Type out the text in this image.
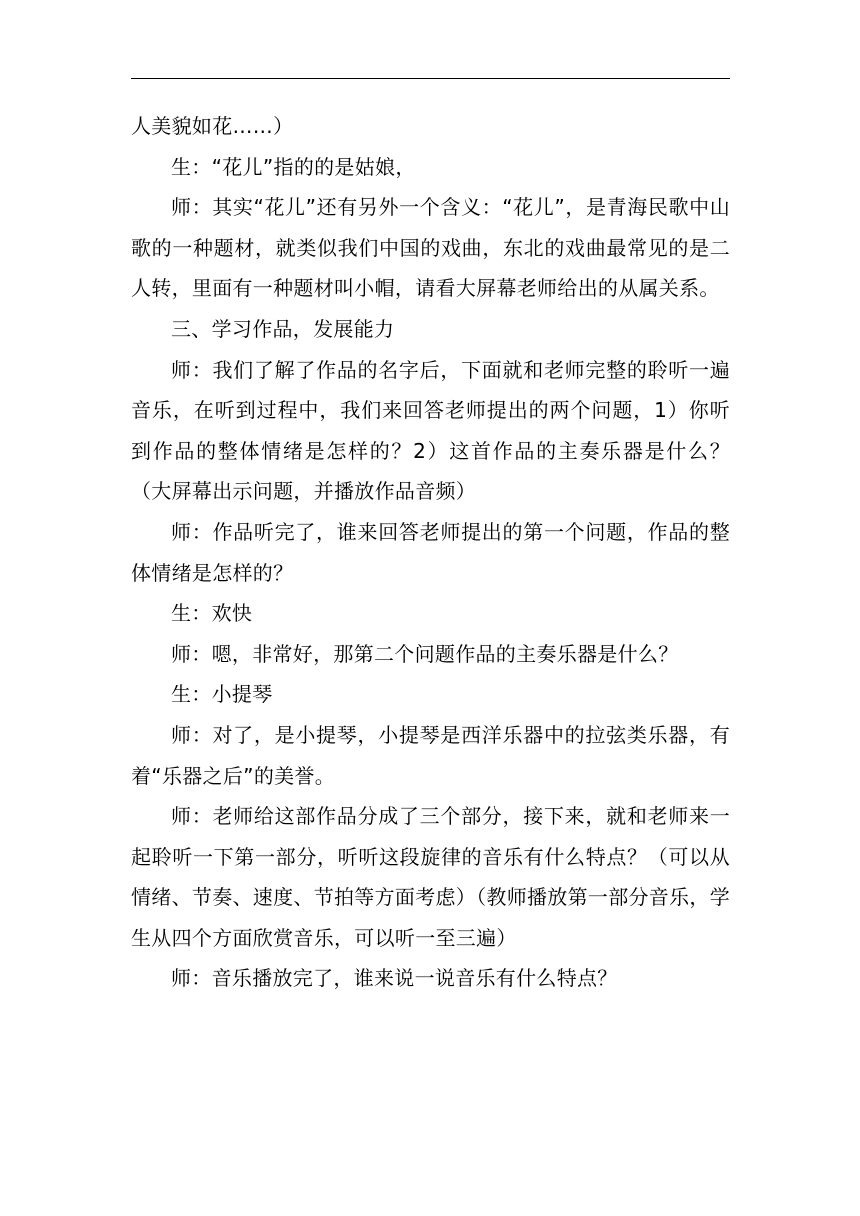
人美貌如花……）

生：“花儿”指的的是姑娘，

师：其实“花儿”还有另外一个含义：“花儿”，是青海民歌中山歌的一种题材，就类似我们中国的戏曲，东北的戏曲最常见的是二人转，里面有一种题材叫小帽，请看大屏幕老师给出的从属关系。

三、学习作品，发展能力

师：我们了解了作品的名字后，下面就和老师完整的聆听一遍音乐，在听到过程中，我们来回答老师提出的两个问题，1）你听到作品的整体情绪是怎样的？2）这首作品的主奏乐器是什么？（大屏幕出示问题，并播放作品音频）

师：作品听完了，谁来回答老师提出的第一个问题，作品的整体情绪是怎样的？

生：欢快

师：嗯，非常好，那第二个问题作品的主奏乐器是什么？

生：小提琴

师：对了，是小提琴，小提琴是西洋乐器中的拉弦类乐器，有着“乐器之后”的美誉。

师：老师给这部作品分成了三个部分，接下来，就和老师来一起聆听一下第一部分，听听这段旋律的音乐有什么特点？（可以从情绪、节奏、速度、节拍等方面考虑）（教师播放第一部分音乐，学生从四个方面欣赏音乐，可以听一至三遍）

师：音乐播放完了，谁来说一说音乐有什么特点？
